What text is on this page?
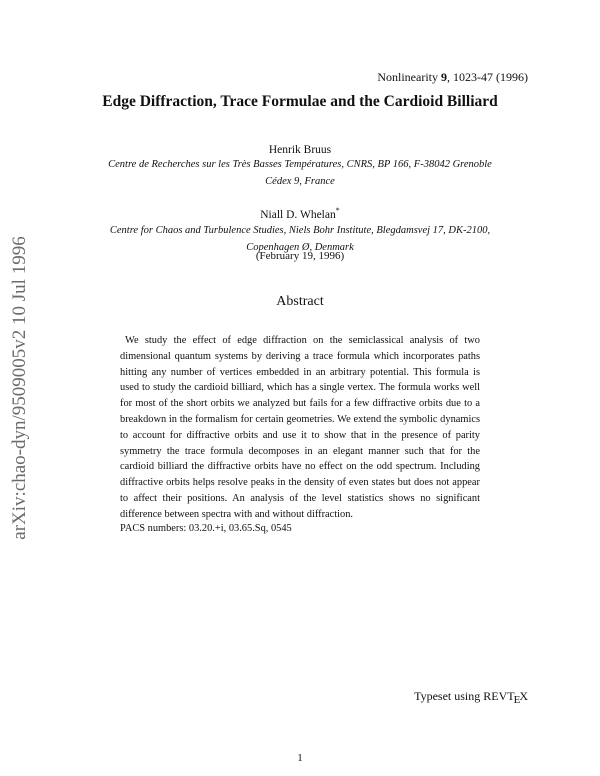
Nonlinearity 9, 1023-47 (1996)
Edge Diffraction, Trace Formulae and the Cardioid Billiard
Henrik Bruus
Centre de Recherches sur les Très Basses Températures, CNRS, BP 166, F-38042 Grenoble
Cédex 9, France
Niall D. Whelan*
Centre for Chaos and Turbulence Studies, Niels Bohr Institute, Blegdamsvej 17, DK-2100,
Copenhagen Ø, Denmark
(February 19, 1996)
Abstract
We study the effect of edge diffraction on the semiclassical analysis of two dimensional quantum systems by deriving a trace formula which incorporates paths hitting any number of vertices embedded in an arbitrary potential. This formula is used to study the cardioid billiard, which has a single vertex. The formula works well for most of the short orbits we analyzed but fails for a few diffractive orbits due to a breakdown in the formalism for certain geometries. We extend the symbolic dynamics to account for diffractive orbits and use it to show that in the presence of parity symmetry the trace formula decomposes in an elegant manner such that for the cardioid billiard the diffractive orbits have no effect on the odd spectrum. Including diffractive orbits helps resolve peaks in the density of even states but does not appear to affect their positions. An analysis of the level statistics shows no significant difference between spectra with and without diffraction.
PACS numbers: 03.20.+i, 03.65.Sq, 0545
arXiv:chao-dyn/9509005v2 10 Jul 1996
Typeset using REVTEX
1
